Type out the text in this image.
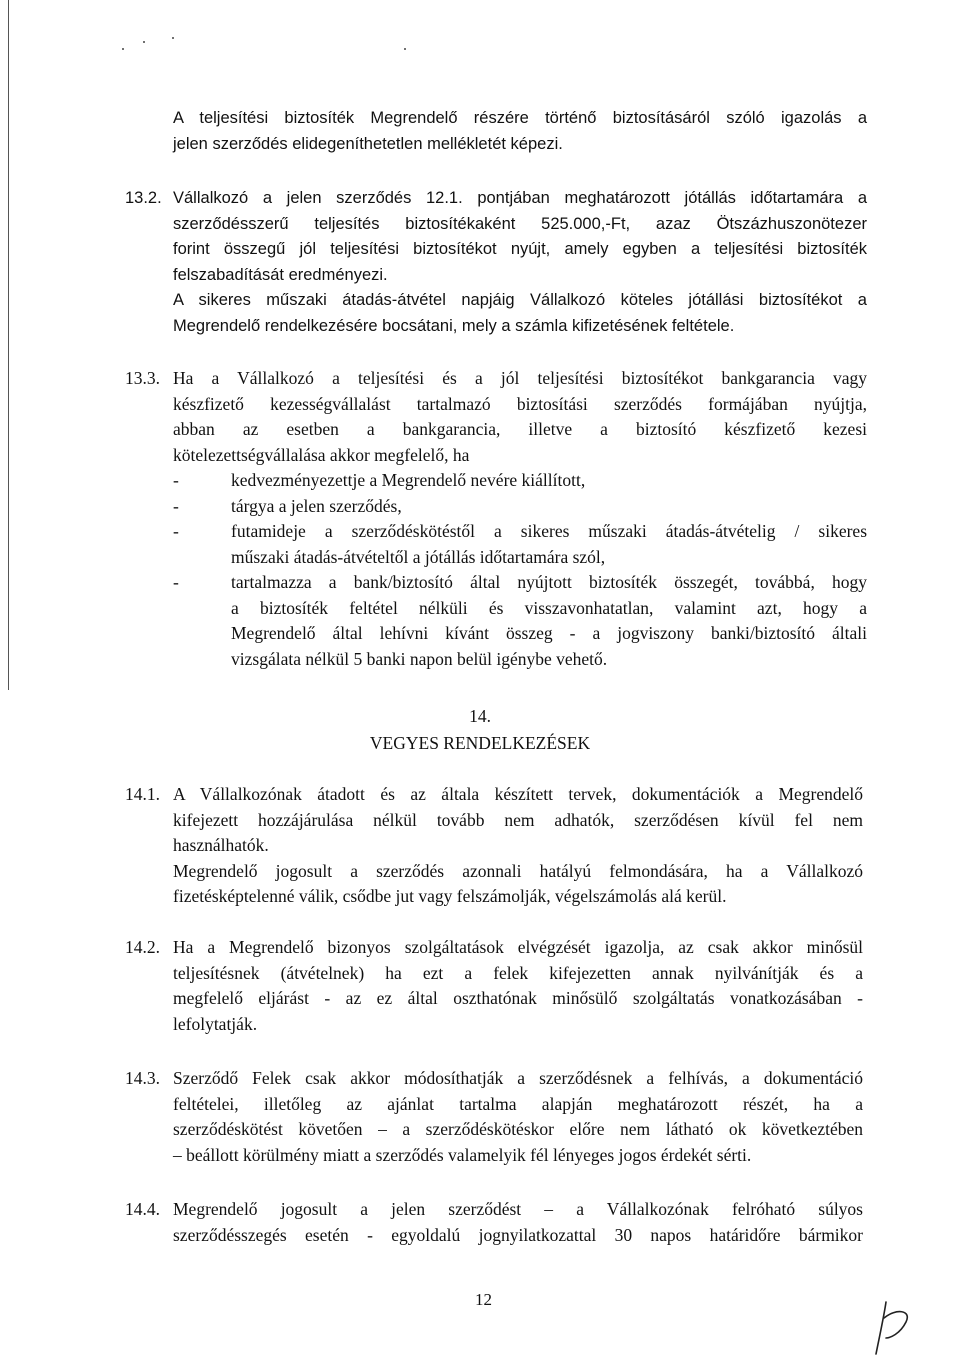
A teljesítési biztosíték Megrendelő részére történő biztosításáról szóló igazolás a

jelen szerződés elidegeníthetetlen mellékletét képezi.

13.2. Vállalkozó a jelen szerződés 12.1. pontjában meghatározott jótállás időtartamára a

szerződésszerű teljesítés biztosítékaként 525.000,-Ft, azaz Ötszázhuszonötezer

forint összegű jól teljesítési biztosítékot nyújt, amely egyben a teljesítési biztosíték

felszabadítását eredményezi.

A sikeres műszaki átadás-átvétel napjáig Vállalkozó köteles jótállási biztosítékot a

Megrendelő rendelkezésére bocsátani, mely a számla kifizetésének feltétele.

13.3. Ha a Vállalkozó a teljesítési és a jól teljesítési biztosítékot bankgarancia vagy

készfizető kezességvállalást tartalmazó biztosítási szerződés formájában nyújtja,

abban az esetben a bankgarancia, illetve a biztosító készfizető kezesi

kötelezettségvállalása akkor megfelelő, ha

-	kedvezményezettje a Megrendelő nevére kiállított,

-	tárgya a jelen szerződés,

-	futamideje a szerződéskötéstől a sikeres műszaki átadás-átvételig / sikeres

műszaki átadás-átvételtől a jótállás időtartamára szól,

-	tartalmazza a bank/biztosító által nyújtott biztosíték összegét, továbbá, hogy

a biztosíték feltétel nélküli és visszavonhatatlan, valamint azt, hogy a

Megrendelő által lehívni kívánt összeg - a jogviszony banki/biztosító általi

vizsgálata nélkül 5 banki napon belül igénybe vehető.

14.
VEGYES RENDELKEZÉSEK
14.1. A Vállalkozónak átadott és az általa készített tervek, dokumentációk a Megrendelő

kifejezett hozzájárulása nélkül tovább nem adhatók, szerződésen kívül fel nem

használhatók.

Megrendelő jogosult a szerződés azonnali hatályú felmondására, ha a Vállalkozó

fizetésképtelenné válik, csődbe jut vagy felszámolják, végelszámolás alá kerül.

14.2. Ha a Megrendelő bizonyos szolgáltatások elvégzését igazolja, az csak akkor minősül

teljesítésnek (átvételnek) ha ezt a felek kifejezetten annak nyilvánítják és a

megfelelő eljárást - az ez által oszthatónak minősülő szolgáltatás vonatkozásában -

lefolytatják.

14.3. Szerződő Felek csak akkor módosíthatják a szerződésnek a felhívás, a dokumentáció

feltételei, illetőleg az ajánlat tartalma alapján meghatározott részét, ha a

szerződéskötést követően – a szerződéskötéskor előre nem látható ok következtében

– beállott körülmény miatt a szerződés valamelyik fél lényeges jogos érdekét sérti.

14.4. Megrendelő jogosult a jelen szerződést – a Vállalkozónak felróható súlyos

szerződésszegés esetén - egyoldalú jognyilatkozattal 30 napos határidőre bármikor

12
